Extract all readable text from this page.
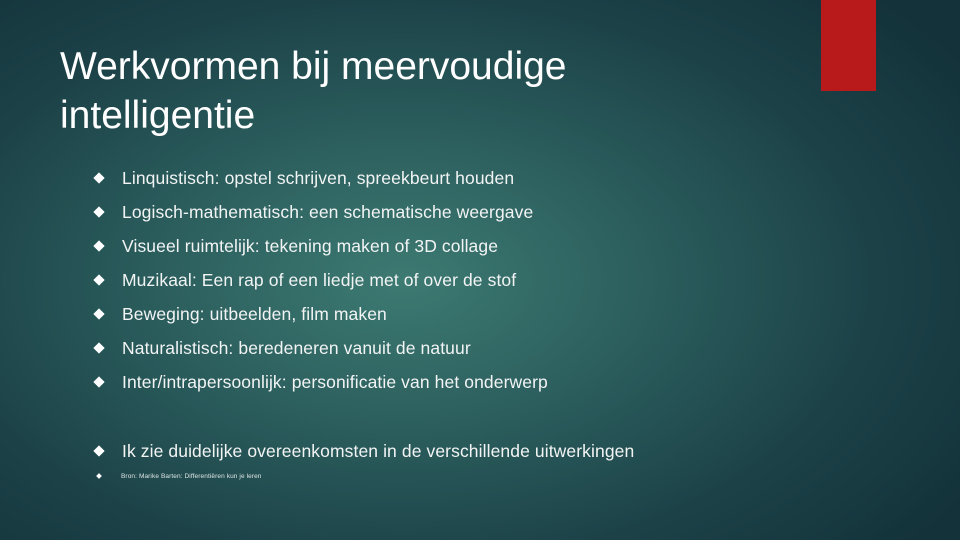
Werkvormen bij meervoudige intelligentie
Linquistisch: opstel schrijven, spreekbeurt houden
Logisch-mathematisch: een schematische weergave
Visueel ruimtelijk: tekening maken of 3D collage
Muzikaal: Een rap of een liedje met of over de stof
Beweging: uitbeelden, film maken
Naturalistisch: beredeneren vanuit de natuur
Inter/intrapersoonlijk: personificatie van het onderwerp
Ik zie duidelijke overeenkomsten in de verschillende uitwerkingen
Bron: Marike Barten: Differentiëren kun je leren
